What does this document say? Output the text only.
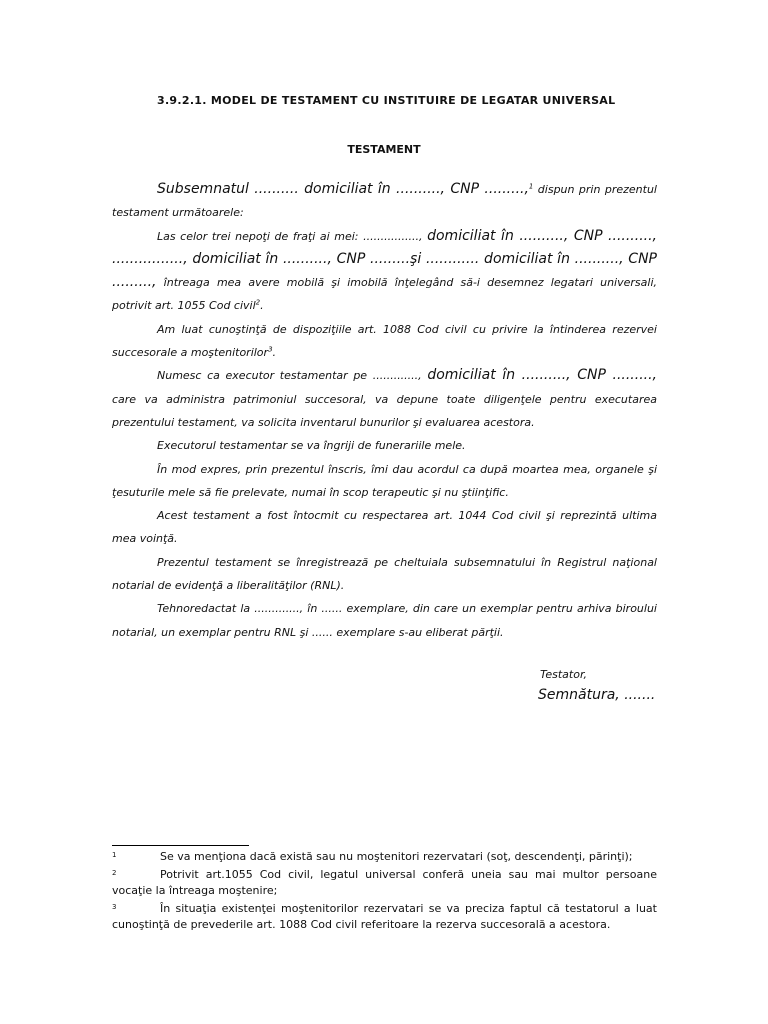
3.9.2.1. MODEL DE TESTAMENT CU INSTITUIRE DE LEGATAR UNIVERSAL
TESTAMENT

Subsemnatul .......... domiciliat în .........., CNP .........,$^1$ dispun prin prezentul testament următoarele:

Las celor trei nepoţi de fraţi ai mei: ................, domiciliat în .........., CNP .........., ................, domiciliat în .........., CNP .........şi ............ domiciliat în .........., CNP ........., întreaga mea avere mobilă şi imobilă înţelegând să-i desemnez legatari universali, potrivit art. 1055 Cod civil$^2$.

Am luat cunoştinţă de dispoziţiile art. 1088 Cod civil cu privire la întinderea rezervei succesorale a moştenitorilor$^3$.

Numesc ca executor testamentar pe ............., domiciliat în .........., CNP ........., care va administra patrimoniul succesoral, va depune toate diligenţele pentru executarea prezentului testament, va solicita inventarul bunurilor şi evaluarea acestora.

Executorul testamentar se va îngriji de funerariile mele.

În mod expres, prin prezentul înscris, îmi dau acordul ca după moartea mea, organele şi ţesuturile mele să fie prelevate, numai în scop terapeutic şi nu ştiinţific.

Acest testament a fost întocmit cu respectarea art. 1044 Cod civil şi reprezintă ultima mea voinţă.

Prezentul testament se înregistrează pe cheltuiala subsemnatului în Registrul naţional notarial de evidenţă a liberalităţilor (RNL).

Tehnoredactat la ............., în ...... exemplare, din care un exemplar pentru arhiva biroului notarial, un exemplar pentru RNL şi ...... exemplare s-au eliberat părţii.

Testator,
Semnătura, .......
1	Se va menţiona dacă există sau nu moştenitori rezervatari (soţ, descendenţi, părinţi);
2	Potrivit art.1055 Cod civil, legatul universal conferă uneia sau mai multor persoane vocaţie la întreaga moştenire;
3	În situaţia existenţei moştenitorilor rezervatari se va preciza faptul că testatorul a luat cunoştinţă de prevederile art. 1088 Cod civil referitoare la rezerva succesorală a acestora.
